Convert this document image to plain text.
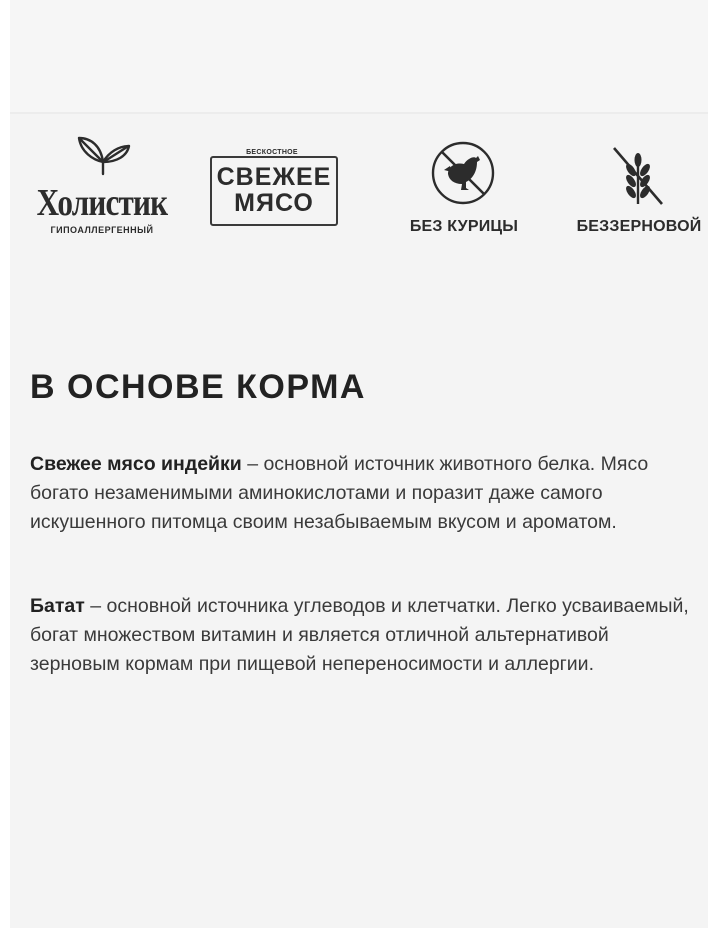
Холистик
ГИПОАЛЛЕРГЕННЫЙ
БЕСКОСТНОЕ
СВЕЖЕЕ
МЯСО
БЕЗ КУРИЦЫ	БЕЗЗЕРНОВОЙ
В ОСНОВЕ КОРМА
Свежее мясо индейки – основной источник животного белка. Мясо богато незаменимыми аминокислотами и поразит даже самого искушенного питомца своим незабываемым вкусом и ароматом.
Батат – основной источника углеводов и клетчатки. Легко усваиваемый, богат множеством витамин и является отличной альтернативой зерновым кормам при пищевой непереносимости и аллергии.
